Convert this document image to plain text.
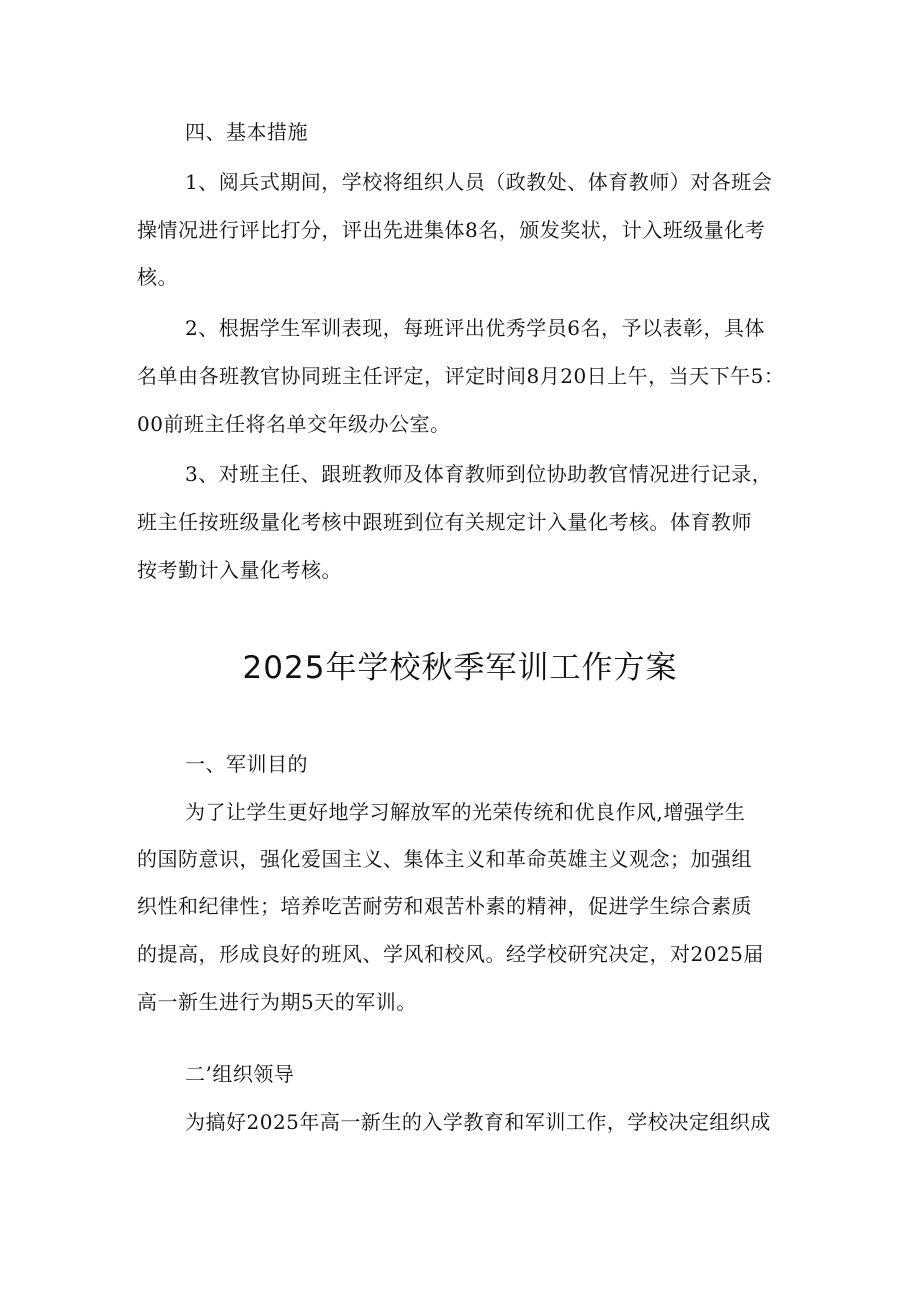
四、基本措施
1、阅兵式期间，学校将组织人员（政教处、体育教师）对各班会
操情况进行评比打分，评出先进集体8名，颁发奖状，计入班级量化考
核。
2、根据学生军训表现，每班评出优秀学员6名，予以表彰，具体
名单由各班教官协同班主任评定，评定时间8月20日上午，当天下午5：
00前班主任将名单交年级办公室。
3、对班主任、跟班教师及体育教师到位协助教官情况进行记录，
班主任按班级量化考核中跟班到位有关规定计入量化考核。体育教师
按考勤计入量化考核。
2025年学校秋季军训工作方案
一、军训目的
为了让学生更好地学习解放军的光荣传统和优良作风,增强学生
的国防意识，强化爱国主义、集体主义和革命英雄主义观念；加强组
织性和纪律性；培养吃苦耐劳和艰苦朴素的精神，促进学生综合素质
的提高，形成良好的班风、学风和校风。经学校研究决定，对2025届
高一新生进行为期5天的军训。
二’组织领导
为搞好2025年高一新生的入学教育和军训工作，学校决定组织成
